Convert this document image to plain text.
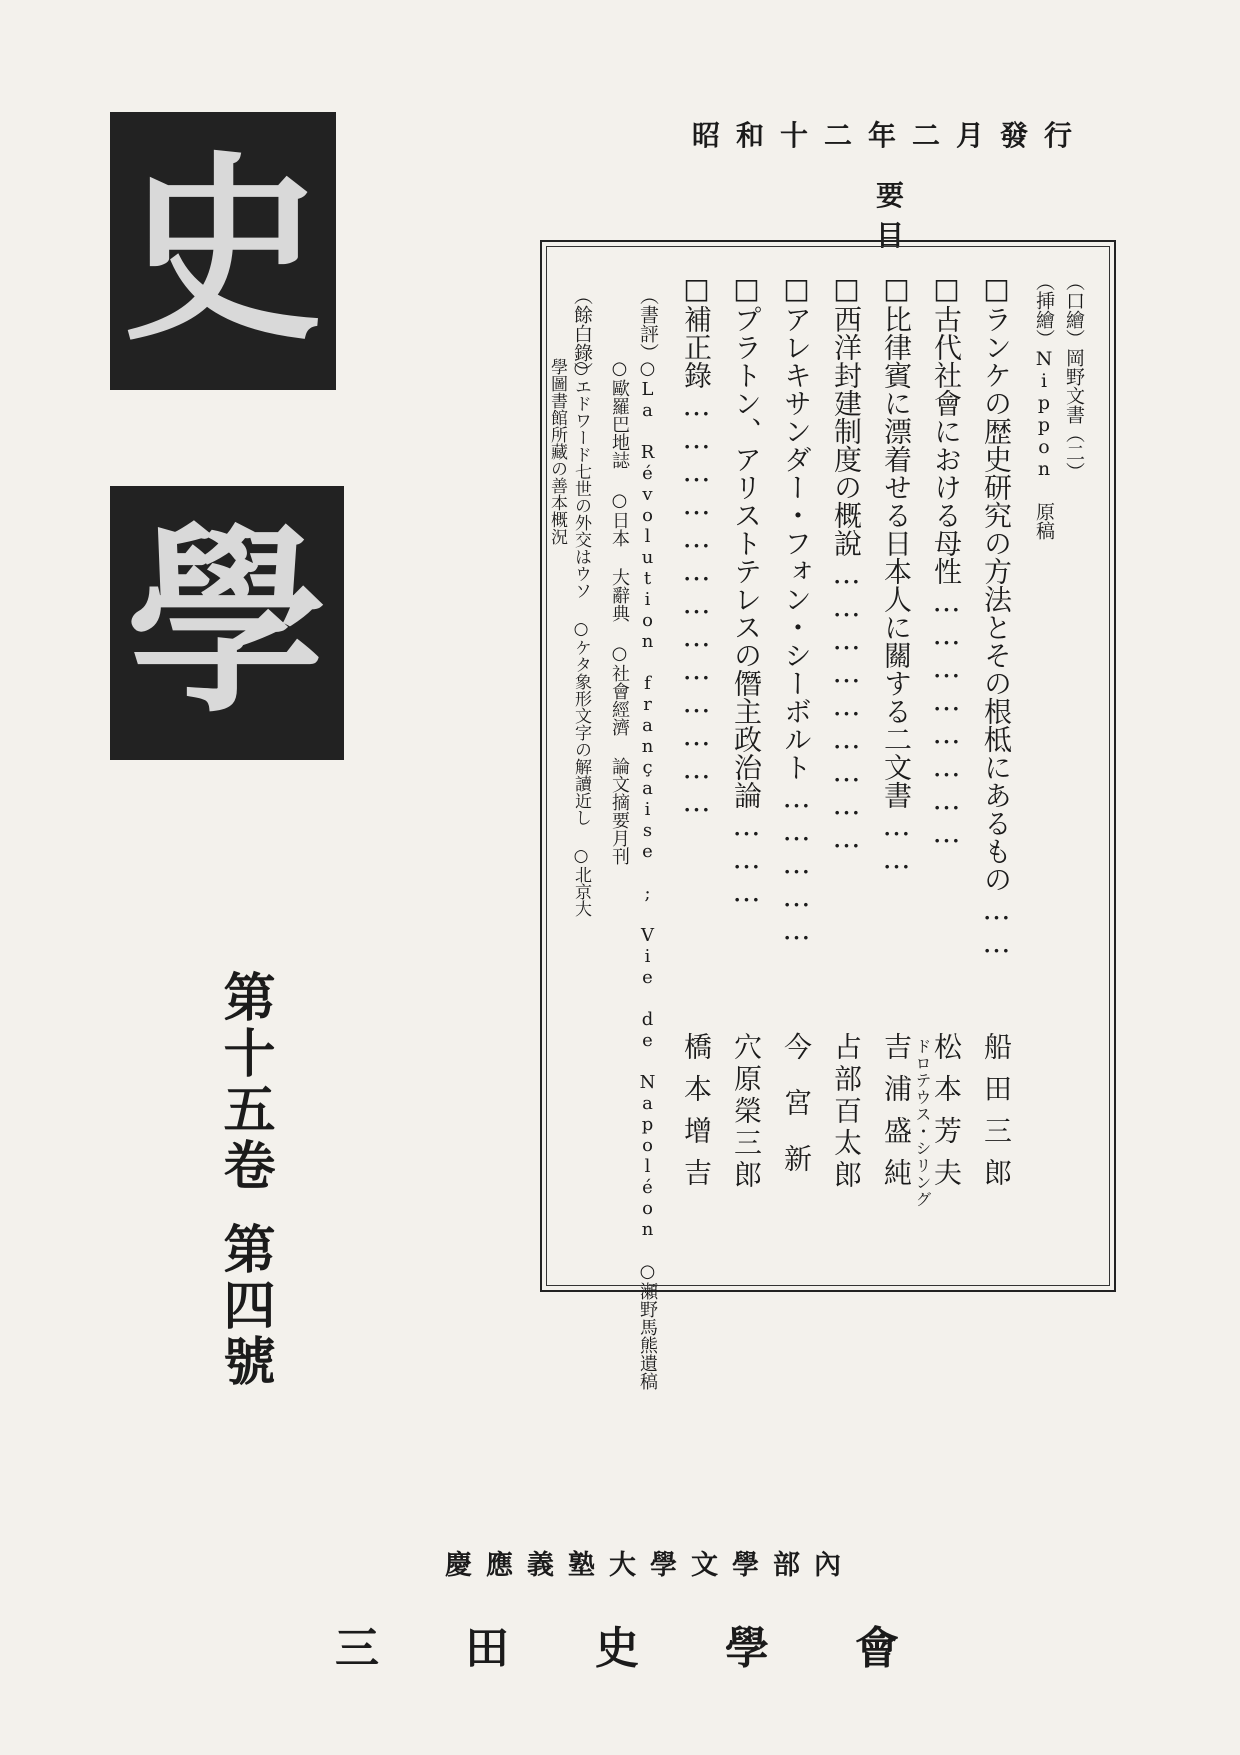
史
學
第十五卷
第四號
昭和十二年二月發行
要目
（口繪）岡野文書（二）
（挿繪）Nippon 原稿
□ランケの歴史研究の方法とその根柢にあるもの……
船田三郎
□古代社會における母性……………………
松本芳夫
□比律賓に漂着せる日本人に關する二文書……
ドロテウス・シリング
吉浦盛純
□西洋封建制度の概說………………………
占部百太郎
□アレキサンダー・フォン・シーボルト……………
今宮新
□プラトン、アリストテレスの僭主政治論………
穴原榮三郎
□補正錄…………………………………
橋本增吉
（書評）
○La Révolution française ; Vie de Napoléon ○瀬野馬熊遺稿
○歐羅巴地誌 ○日本 大辭典 ○社會經濟 論文摘要月刊
（餘白錄）
○エドワード七世の外交はウソ ○ケタ象形文字の解讀近し ○北京大
學圖書館所藏の善本概況
慶應義塾大學文學部內
三田史學會
